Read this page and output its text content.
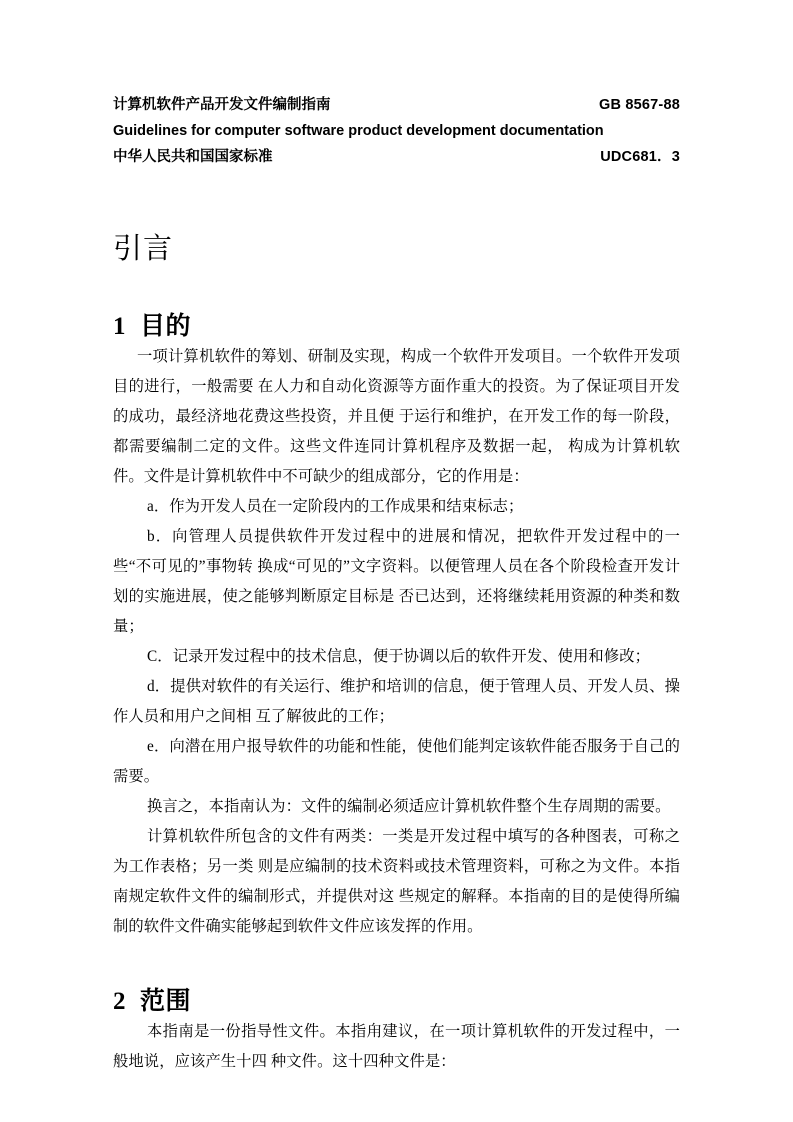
计算机软件产品开发文件编制指南	GB 8567-88
Guidelines for computer software product development documentation
中华人民共和国国家标准	UDC681．3
引言
1 目的

一项计算机软件的筹划、研制及实现，构成一个软件开发项目。一个软件开发项目的进行，一般需要 在人力和自动化资源等方面作重大的投资。为了保证项目开发的成功，最经济地花费这些投资，并且便 于运行和维护，在开发工作的每一阶段，都需要编制二定的文件。这些文件连同计算机程序及数据一起， 构成为计算机软件。文件是计算机软件中不可缺少的组成部分，它的作用是：

a．作为开发人员在一定阶段内的工作成果和结束标志；

b．向管理人员提供软件开发过程中的进展和情况，把软件开发过程中的一些“不可见的”事物转 换成“可见的”文字资料。以便管理人员在各个阶段检查开发计划的实施进展，使之能够判断原定目标是 否已达到，还将继续耗用资源的种类和数量；

C．记录开发过程中的技术信息，便于协调以后的软件开发、使用和修改；

d．提供对软件的有关运行、维护和培训的信息，便于管理人员、开发人员、操作人员和用户之间相 互了解彼此的工作；

e．向潜在用户报导软件的功能和性能，使他们能判定该软件能否服务于自己的需要。

换言之，本指南认为：文件的编制必须适应计算机软件整个生存周期的需要。

计算机软件所包含的文件有两类：一类是开发过程中填写的各种图表，可称之为工作表格；另一类 则是应编制的技术资料或技术管理资料，可称之为文件。本指南规定软件文件的编制形式，并提供对这 些规定的解释。本指南的目的是使得所编制的软件文件确实能够起到软件文件应该发挥的作用。

2 范围

本指南是一份指导性文件。本指甪建议，在一项计算机软件的开发过程中，一般地说，应该产生十四 种文件。这十四种文件是：
